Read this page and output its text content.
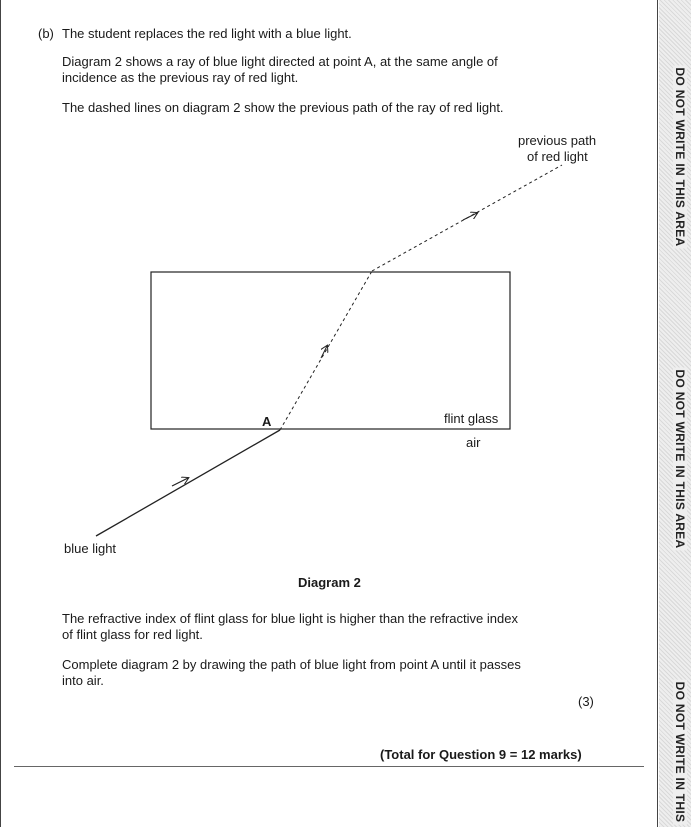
DO NOT WRITE IN THIS AREA
DO NOT WRITE IN THIS AREA
DO NOT WRITE IN THIS
(b) The student replaces the red light with a blue light.
Diagram 2 shows a ray of blue light directed at point A, at the same angle of
incidence as the previous ray of red light.
The dashed lines on diagram 2 show the previous path of the ray of red light.
A	flint glass
air
blue light
previous path
of red light
Diagram 2
The refractive index of flint glass for blue light is higher than the refractive index
of flint glass for red light.
Complete diagram 2 by drawing the path of blue light from point A until it passes
into air.
(3)
(Total for Question 9 = 12 marks)
